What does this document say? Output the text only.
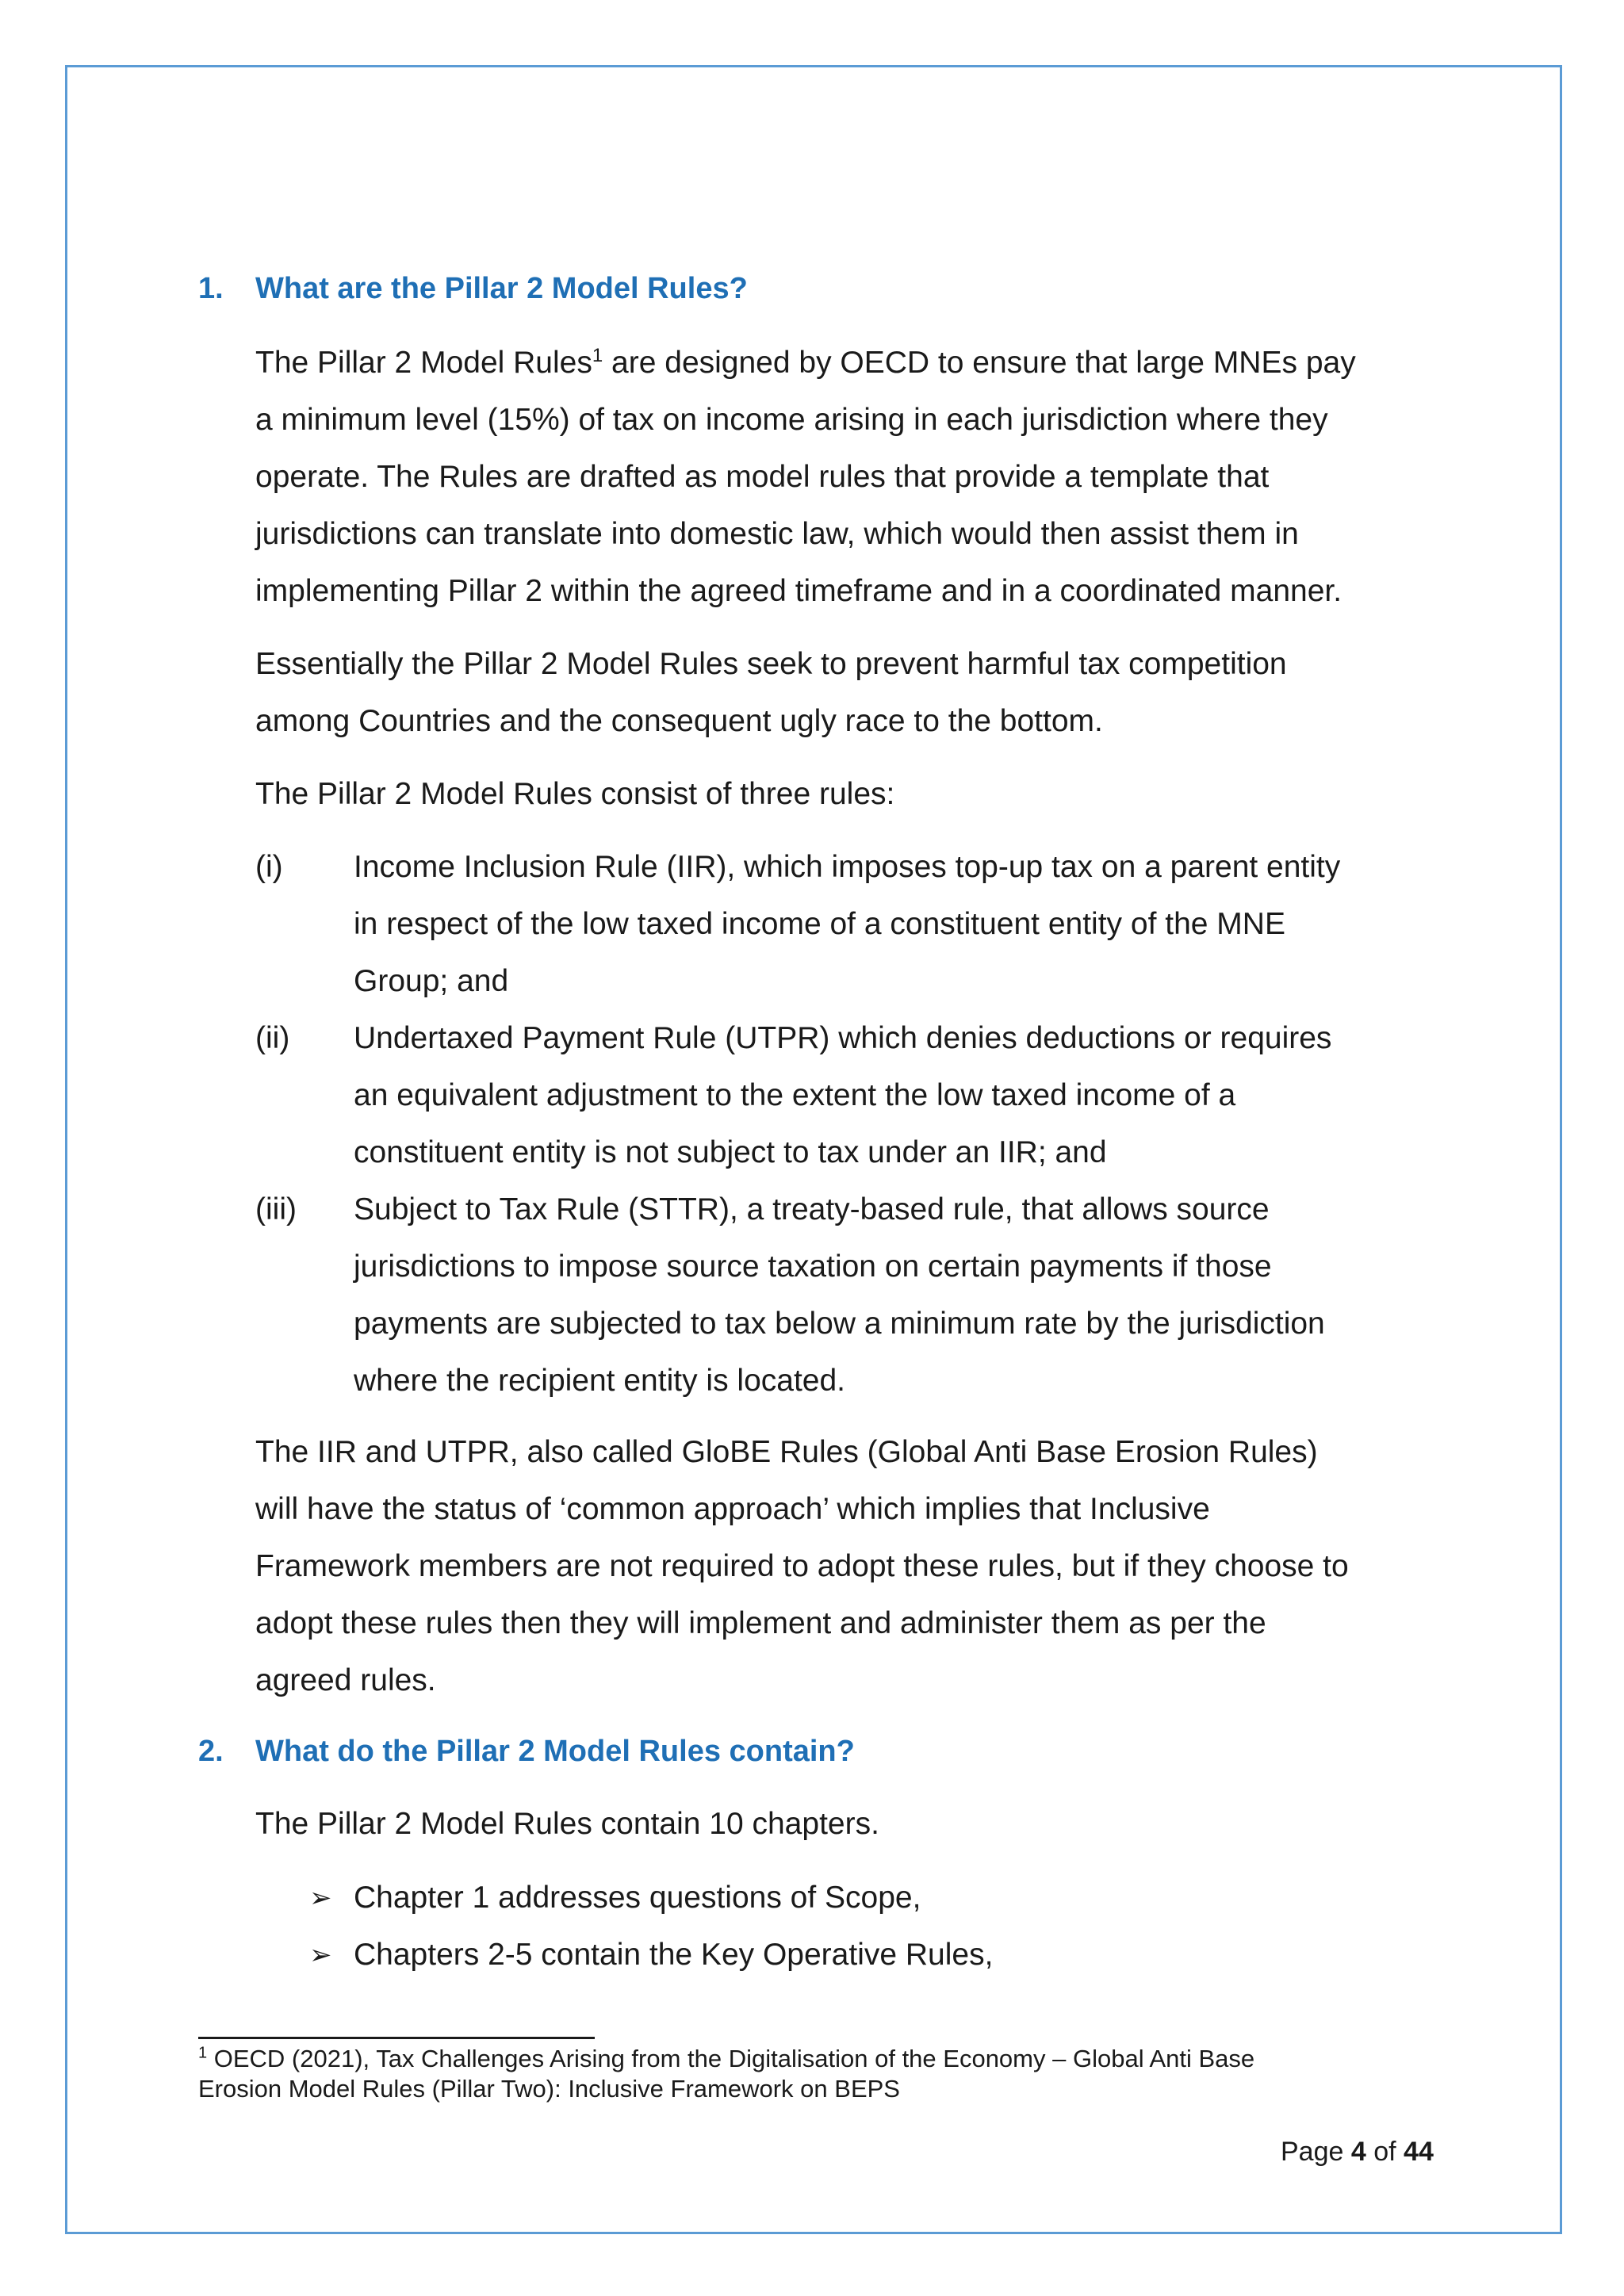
1. What are the Pillar 2 Model Rules?

The Pillar 2 Model Rules$^1$ are designed by OECD to ensure that large MNEs pay

a minimum level (15%) of tax on income arising in each jurisdiction where they

operate. The Rules are drafted as model rules that provide a template that

jurisdictions can translate into domestic law, which would then assist them in

implementing Pillar 2 within the agreed timeframe and in a coordinated manner.

Essentially the Pillar 2 Model Rules seek to prevent harmful tax competition

among Countries and the consequent ugly race to the bottom.

The Pillar 2 Model Rules consist of three rules:

(i) Income Inclusion Rule (IIR), which imposes top-up tax on a parent entity
in respect of the low taxed income of a constituent entity of the MNE
Group; and
(ii) Undertaxed Payment Rule (UTPR) which denies deductions or requires
an equivalent adjustment to the extent the low taxed income of a
constituent entity is not subject to tax under an IIR; and
(iii) Subject to Tax Rule (STTR), a treaty-based rule, that allows source
jurisdictions to impose source taxation on certain payments if those
payments are subjected to tax below a minimum rate by the jurisdiction
where the recipient entity is located.

The IIR and UTPR, also called GloBE Rules (Global Anti Base Erosion Rules)

will have the status of ‘common approach’ which implies that Inclusive

Framework members are not required to adopt these rules, but if they choose to

adopt these rules then they will implement and administer them as per the

agreed rules.

2. What do the Pillar 2 Model Rules contain?

The Pillar 2 Model Rules contain 10 chapters.

➢ Chapter 1 addresses questions of Scope,
➢ Chapters 2-5 contain the Key Operative Rules,
$^1$ OECD (2021), Tax Challenges Arising from the Digitalisation of the Economy – Global Anti Base
Erosion Model Rules (Pillar Two): Inclusive Framework on BEPS
Page 4 of 44
